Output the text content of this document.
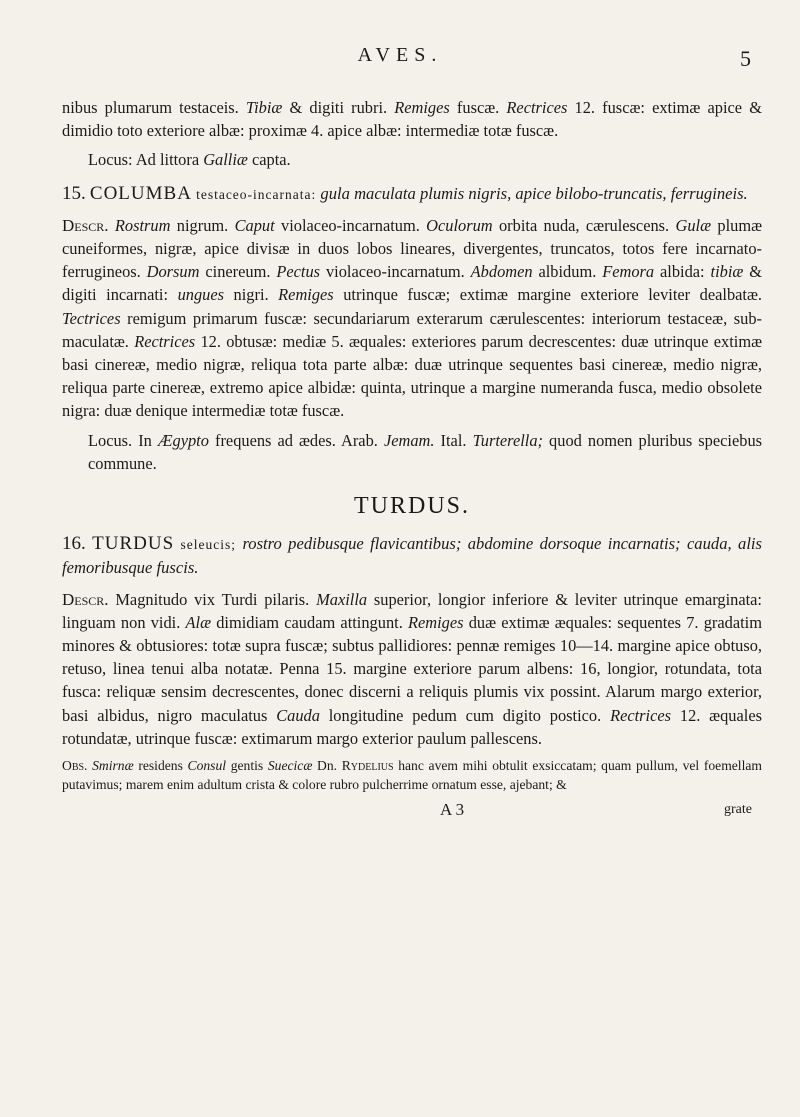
AVES.	5

nibus plumarum testaceis. Tibiæ & digiti rubri. Remiges fuscæ. Rectrices 12. fuscæ: extimæ apice & dimidio toto exteriore albæ: proximæ 4. apice albæ: intermediæ totæ fuscæ.

Locus: Ad littora Galliæ capta.

15. COLUMBA testaceo-incarnata: gula maculata plumis nigris, apice bilobo-truncatis, ferrugineis.

Descr. Rostrum nigrum. Caput violaceo-incarnatum. Oculorum orbita nuda, cærulescens. Gulæ plumæ cuneiformes, nigræ, apice divisæ in duos lobos lineares, divergentes, truncatos, totos fere incarnato-ferrugineos. Dorsum cinereum. Pectus violaceo-incarnatum. Abdomen albidum. Femora albida: tibiæ & digiti incarnati: ungues nigri. Remiges utrinque fuscæ; extimæ margine exteriore leviter dealbatæ. Tectrices remigum primarum fuscæ: secundariarum exterarum cærulescentes: interiorum testaceæ, sub-maculatæ. Rectrices 12. obtusæ: mediæ 5. æquales: exteriores parum decrescentes: duæ utrinque extimæ basi cinereæ, medio nigræ, reliqua tota parte albæ: duæ utrinque sequentes basi cinereæ, medio nigræ, reliqua parte cinereæ, extremo apice albidæ: quinta, utrinque a margine numeranda fusca, medio obsolete nigra: duæ denique intermediæ totæ fuscæ.

Locus. In Ægypto frequens ad ædes. Arab. Jemam. Ital. Turterella; quod nomen pluribus speciebus commune.

TURDUS.

16. TURDUS seleucis; rostro pedibusque flavicantibus; abdomine dorsoque incarnatis; cauda, alis femoribusque fuscis.

Descr. Magnitudo vix Turdi pilaris. Maxilla superior, longior inferiore & leviter utrinque emarginata: linguam non vidi. Alæ dimidiam caudam attingunt. Remiges duæ extimæ æquales: sequentes 7. gradatim minores & obtusiores: totæ supra fuscæ; subtus pallidiores: pennæ remiges 10—14. margine apice obtuso, retuso, linea tenui alba notatæ. Penna 15. margine exteriore parum albens: 16, longior, rotundata, tota fusca: reliquæ sensim decrescentes, donec discerni a reliquis plumis vix possint. Alarum margo exterior, basi albidus, nigro maculatus Cauda longitudine pedum cum digito postico. Rectrices 12. æquales rotundatæ, utrinque fuscæ: extimarum margo exterior paulum pallescens.

Obs. Smirnæ residens Consul gentis Suecicæ Dn. Rydelius hanc avem mihi obtulit exsiccatam; quam pullum, vel foemellam putavimus; marem enim adultum crista & colore rubro pulcherrime ornatum esse, ajebant; &

A 3	grate
